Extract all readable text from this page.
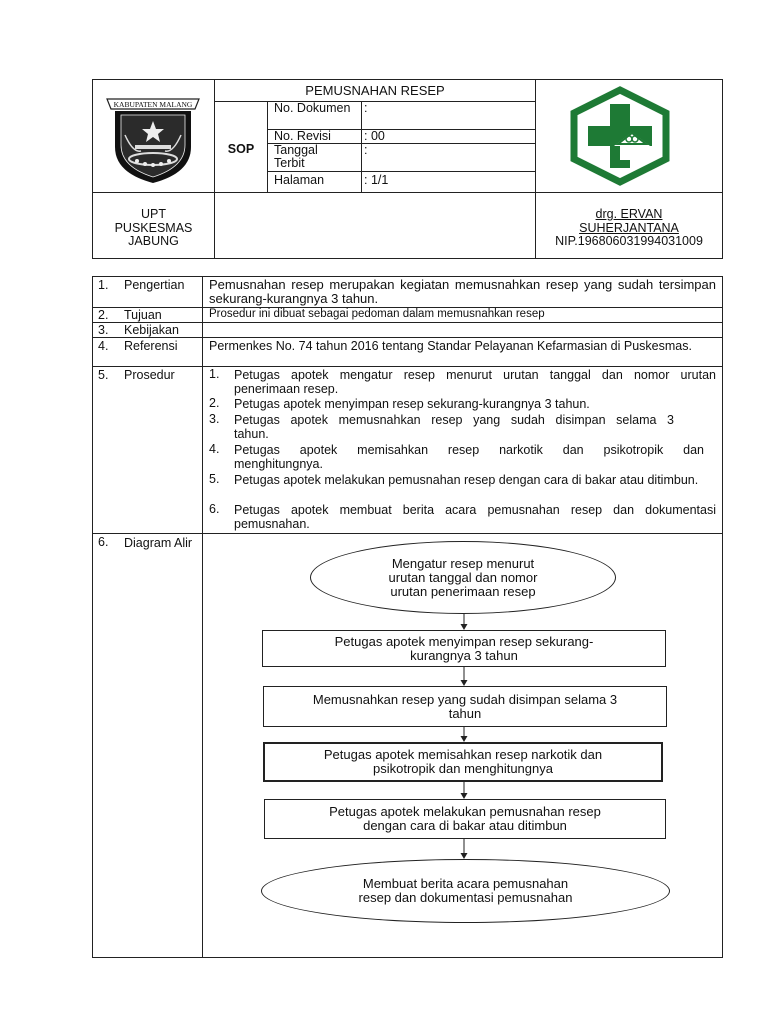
KABUPATEN MALANG
PEMUSNAHAN RESEP
SOP
No. Dokumen :
No. Revisi	: 00
Tanggal Terbit
:
Halaman	: 1/1
UPT
PUSKESMAS
JABUNG
drg. ERVAN
SUHERJANTANA
NIP.196806031994031009
1. Pengertian
2. Tujuan
3. Kebijakan
4. Referensi
5. Prosedur
6. Diagram Alir
Pemusnahan resep merupakan kegiatan memusnahkan resep yang sudah tersimpan sekurang-kurangnya 3 tahun.
Prosedur ini dibuat sebagai pedoman dalam memusnahkan resep
Permenkes No. 74 tahun 2016 tentang Standar Pelayanan Kefarmasian di Puskesmas.
1. Petugas apotek mengatur resep menurut urutan tanggal dan nomor urutan penerimaan resep.
2. Petugas apotek menyimpan resep sekurang-kurangnya 3 tahun.
3. Petugas apotek memusnahkan resep yang sudah disimpan selama 3 tahun.
4. Petugas apotek memisahkan resep narkotik dan psikotropik dan menghitungnya.
5. Petugas apotek melakukan pemusnahan resep dengan cara di bakar atau ditimbun.
6. Petugas apotek membuat berita acara pemusnahan resep dan dokumentasi pemusnahan.
Mengatur resep menurut
urutan tanggal dan nomor
urutan penerimaan resep
Petugas apotek menyimpan resep sekurang-
kurangnya 3 tahun
Memusnahkan resep yang sudah disimpan selama 3
tahun
Petugas apotek memisahkan resep narkotik dan
psikotropik dan menghitungnya
Petugas apotek melakukan pemusnahan resep
dengan cara di bakar atau ditimbun
Membuat berita acara pemusnahan
resep dan dokumentasi pemusnahan
